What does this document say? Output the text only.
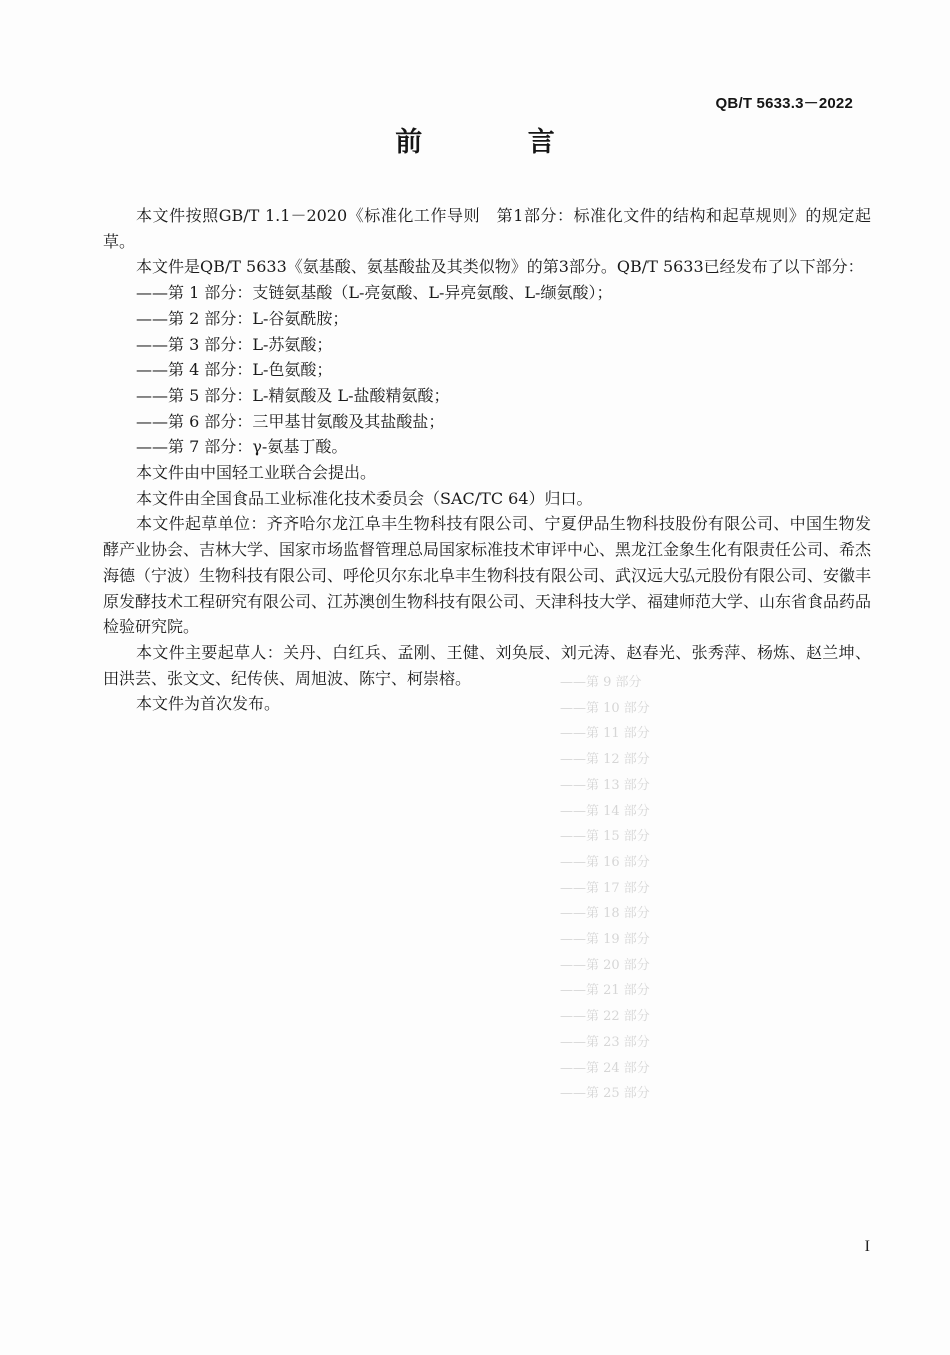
——第 9 部分
——第 10 部分
——第 11 部分
——第 12 部分
——第 13 部分
——第 14 部分
——第 15 部分
——第 16 部分
——第 17 部分
——第 18 部分
——第 19 部分
——第 20 部分
——第 21 部分
——第 22 部分
——第 23 部分
——第 24 部分
——第 25 部分
QB/T 5633.3－2022
前 言

本文件按照GB/T 1.1－2020《标准化工作导则　第1部分：标准化文件的结构和起草规则》的规定起草。

本文件是QB/T 5633《氨基酸、氨基酸盐及其类似物》的第3部分。QB/T 5633已经发布了以下部分：

——第 1 部分：支链氨基酸（L-亮氨酸、L-异亮氨酸、L-缬氨酸）；

——第 2 部分：L-谷氨酰胺；

——第 3 部分：L-苏氨酸；

——第 4 部分：L-色氨酸；

——第 5 部分：L-精氨酸及 L-盐酸精氨酸；

——第 6 部分：三甲基甘氨酸及其盐酸盐；

——第 7 部分：γ-氨基丁酸。

本文件由中国轻工业联合会提出。

本文件由全国食品工业标准化技术委员会（SAC/TC 64）归口。

本文件起草单位：齐齐哈尔龙江阜丰生物科技有限公司、宁夏伊品生物科技股份有限公司、中国生物发酵产业协会、吉林大学、国家市场监督管理总局国家标准技术审评中心、黑龙江金象生化有限责任公司、希杰海德（宁波）生物科技有限公司、呼伦贝尔东北阜丰生物科技有限公司、武汉远大弘元股份有限公司、安徽丰原发酵技术工程研究有限公司、江苏澳创生物科技有限公司、天津科技大学、福建师范大学、山东省食品药品检验研究院。

本文件主要起草人：关丹、白红兵、孟刚、王健、刘奂辰、刘元涛、赵春光、张秀萍、杨炼、赵兰坤、田洪芸、张文文、纪传侠、周旭波、陈宁、柯崇榕。

本文件为首次发布。

I
